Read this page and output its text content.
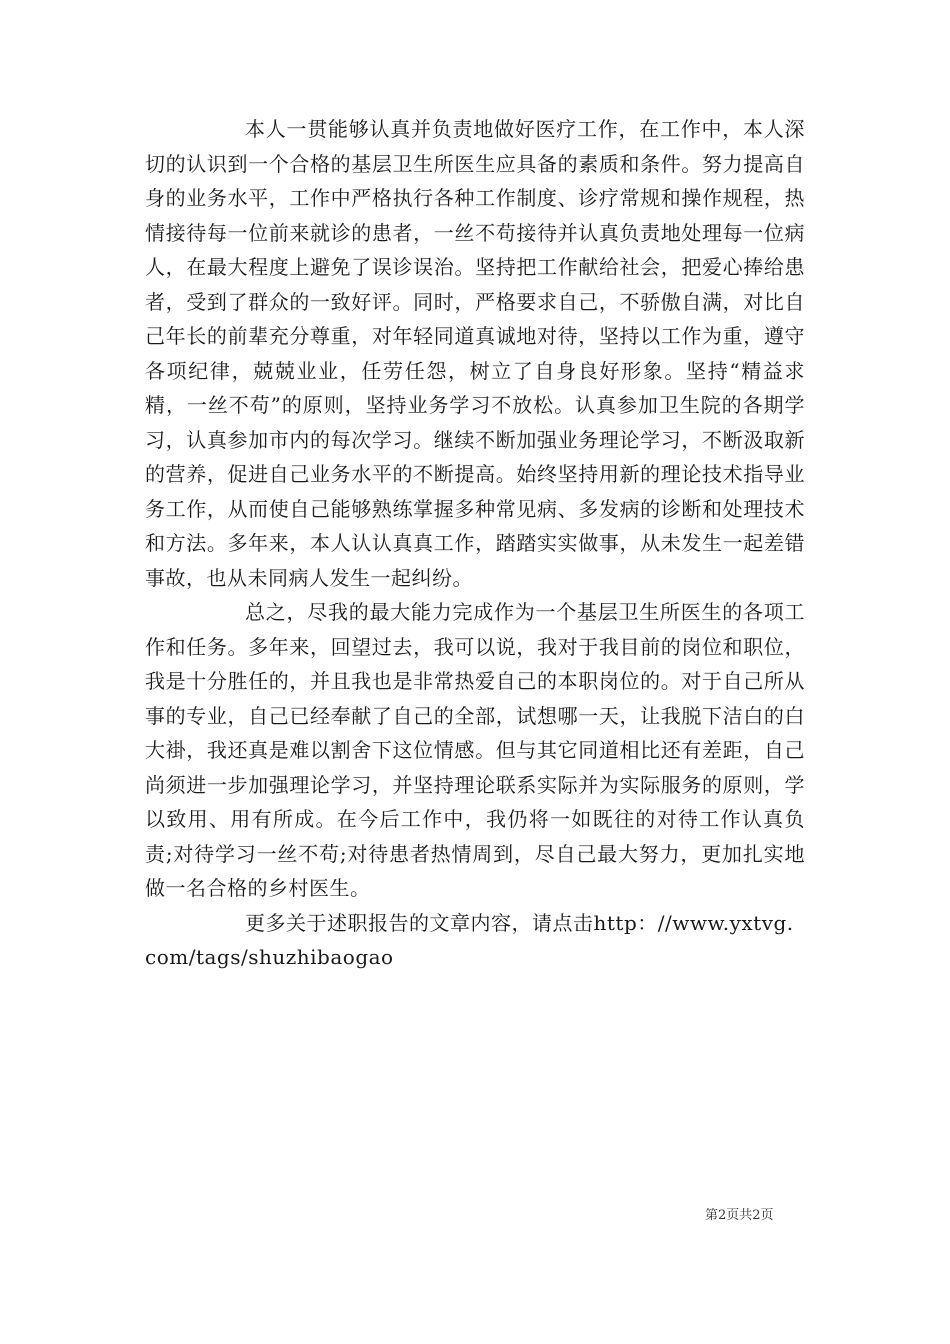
本人一贯能够认真并负责地做好医疗工作，在工作中，本人深切的认识到一个合格的基层卫生所医生应具备的素质和条件。努力提高自身的业务水平，工作中严格执行各种工作制度、诊疗常规和操作规程，热情接待每一位前来就诊的患者，一丝不苟接待并认真负责地处理每一位病人，在最大程度上避免了误诊误治。坚持把工作献给社会，把爱心捧给患者，受到了群众的一致好评。同时，严格要求自己，不骄傲自满，对比自己年长的前辈充分尊重，对年轻同道真诚地对待，坚持以工作为重，遵守各项纪律，兢兢业业，任劳任怨，树立了自身良好形象。坚持“精益求精，一丝不苟”的原则，坚持业务学习不放松。认真参加卫生院的各期学习，认真参加市内的每次学习。继续不断加强业务理论学习，不断汲取新的营养，促进自己业务水平的不断提高。始终坚持用新的理论技术指导业务工作，从而使自己能够熟练掌握多种常见病、多发病的诊断和处理技术和方法。多年来，本人认认真真工作，踏踏实实做事，从未发生一起差错事故，也从未同病人发生一起纠纷。

总之，尽我的最大能力完成作为一个基层卫生所医生的各项工作和任务。多年来，回望过去，我可以说，我对于我目前的岗位和职位，我是十分胜任的，并且我也是非常热爱自己的本职岗位的。对于自己所从事的专业，自己已经奉献了自己的全部，试想哪一天，让我脱下洁白的白大褂，我还真是难以割舍下这位情感。但与其它同道相比还有差距，自己尚须进一步加强理论学习，并坚持理论联系实际并为实际服务的原则，学以致用、用有所成。在今后工作中，我仍将一如既往的对待工作认真负责;对待学习一丝不苟;对待患者热情周到，尽自己最大努力，更加扎实地做一名合格的乡村医生。

更多关于述职报告的文章内容，请点击http：//www.yxtvg.com/tags/shuzhibaogao

第2页共2页
